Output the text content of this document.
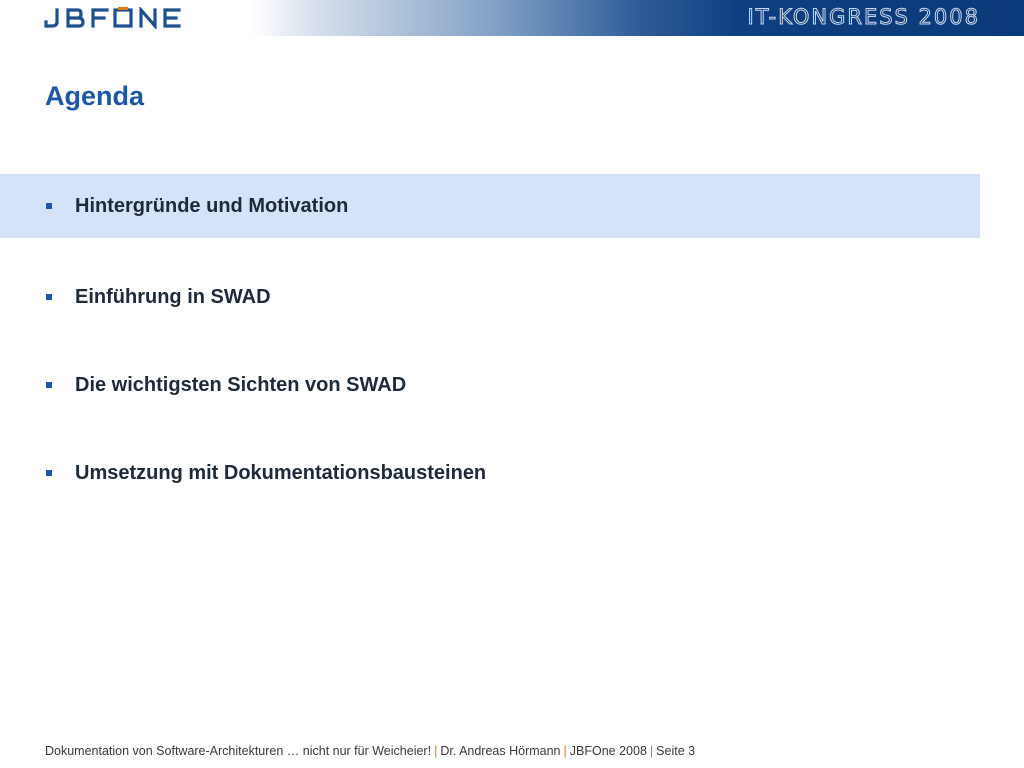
IT-KONGRESS 2008
Agenda
Hintergründe und Motivation
Einführung in SWAD
Die wichtigsten Sichten von SWAD
Umsetzung mit Dokumentationsbausteinen
Dokumentation von Software-Architekturen … nicht nur für Weicheier! | Dr. Andreas Hörmann | JBFOne 2008 | Seite 3
